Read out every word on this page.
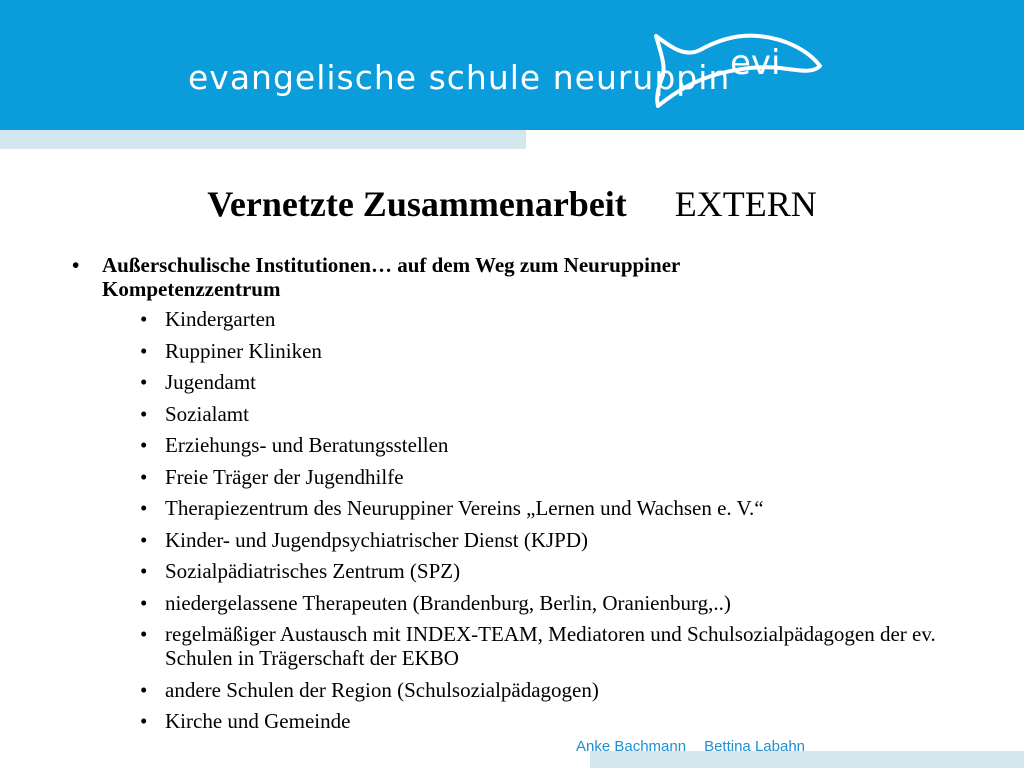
evangelische schule neuruppin evi
Vernetzte Zusammenarbeit EXTERN
• Außerschulische Institutionen… auf dem Weg zum Neuruppiner Kompetenzzentrum
• Kindergarten
• Ruppiner Kliniken
• Jugendamt
• Sozialamt
• Erziehungs- und Beratungsstellen
• Freie Träger der Jugendhilfe
• Therapiezentrum des Neuruppiner Vereins „Lernen und Wachsen e. V.“
• Kinder- und Jugendpsychiatrischer Dienst (KJPD)
• Sozialpädiatrisches Zentrum (SPZ)
• niedergelassene Therapeuten (Brandenburg, Berlin, Oranienburg,..)
• regelmäßiger Austausch mit INDEX-TEAM, Mediatoren und Schulsozialpädagogen der ev. Schulen in Trägerschaft der EKBO
• andere Schulen der Region (Schulsozialpädagogen)
• Kirche und Gemeinde
Anke Bachmann Bettina Labahn
